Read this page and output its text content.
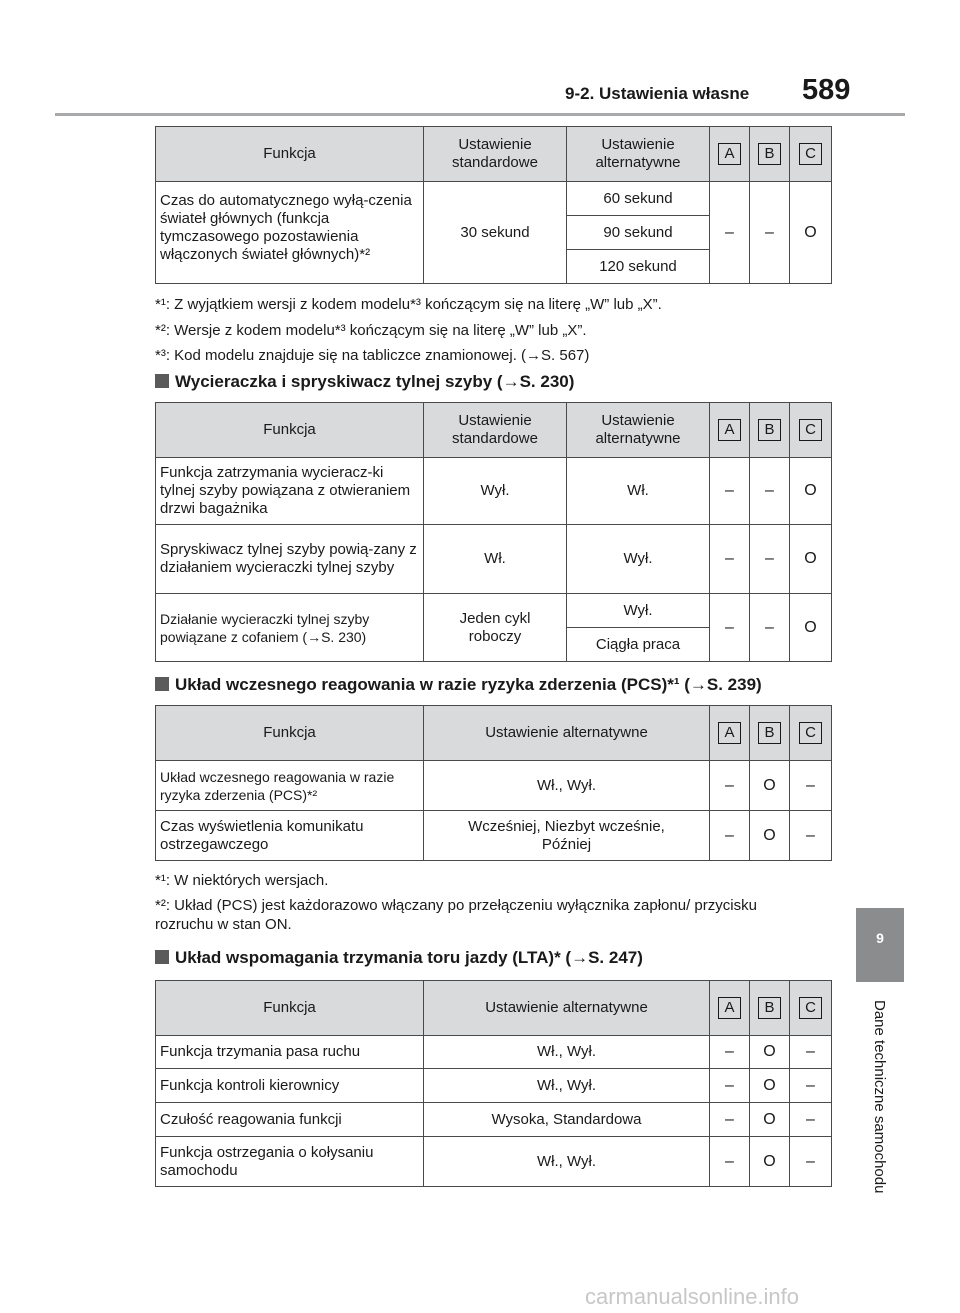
9-2. Ustawienia własne 589
9
Dane techniczne samochodu
Funkcja	Ustawienie standardowe	Ustawienie alternatywne	A	B	C
Czas do automatycznego wyłą-czenia świateł głównych (funkcja tymczasowego pozostawienia włączonych świateł głównych)*²	30 sekund	60 sekund	–	–	O
		90 sekund			
		120 sekund			
*¹: Z wyjątkiem wersji z kodem modelu*³ kończącym się na literę „W” lub „X”.
*²: Wersje z kodem modelu*³ kończącym się na literę „W” lub „X”.
*³: Kod modelu znajduje się na tabliczce znamionowej. (→S. 567)
Wycieraczka i spryskiwacz tylnej szyby (→S. 230)
Funkcja	Ustawienie standardowe	Ustawienie alternatywne	A	B	C
Funkcja zatrzymania wycieracz-ki tylnej szyby powiązana z otwieraniem drzwi bagażnika	Wył.	Wł.	–	–	O
Spryskiwacz tylnej szyby powią-zany z działaniem wycieraczki tylnej szyby	Wł.	Wył.	–	–	O
Działanie wycieraczki tylnej szyby powiązane z cofaniem (→S. 230)	Jeden cykl roboczy	Wył.	–	–	O
		Ciągła praca			
Układ wczesnego reagowania w razie ryzyka zderzenia (PCS)*¹ (→S. 239)
Funkcja	Ustawienie alternatywne	A	B	C
Układ wczesnego reagowania w razie ryzyka zderzenia (PCS)*²	Wł., Wył.	–	O	–
Czas wyświetlenia komunikatu ostrzegawczego	Wcześniej, Niezbyt wcześnie, Później	–	O	–
*¹: W niektórych wersjach.
*²: Układ (PCS) jest każdorazowo włączany po przełączeniu wyłącznika zapłonu/ przycisku rozruchu w stan ON.
Układ wspomagania trzymania toru jazdy (LTA)* (→S. 247)
Funkcja	Ustawienie alternatywne	A	B	C
Funkcja trzymania pasa ruchu	Wł., Wył.	–	O	–
Funkcja kontroli kierownicy	Wł., Wył.	–	O	–
Czułość reagowania funkcji	Wysoka, Standardowa	–	O	–
Funkcja ostrzegania o kołysaniu samochodu	Wł., Wył.	–	O	–
carmanualsonline.info
